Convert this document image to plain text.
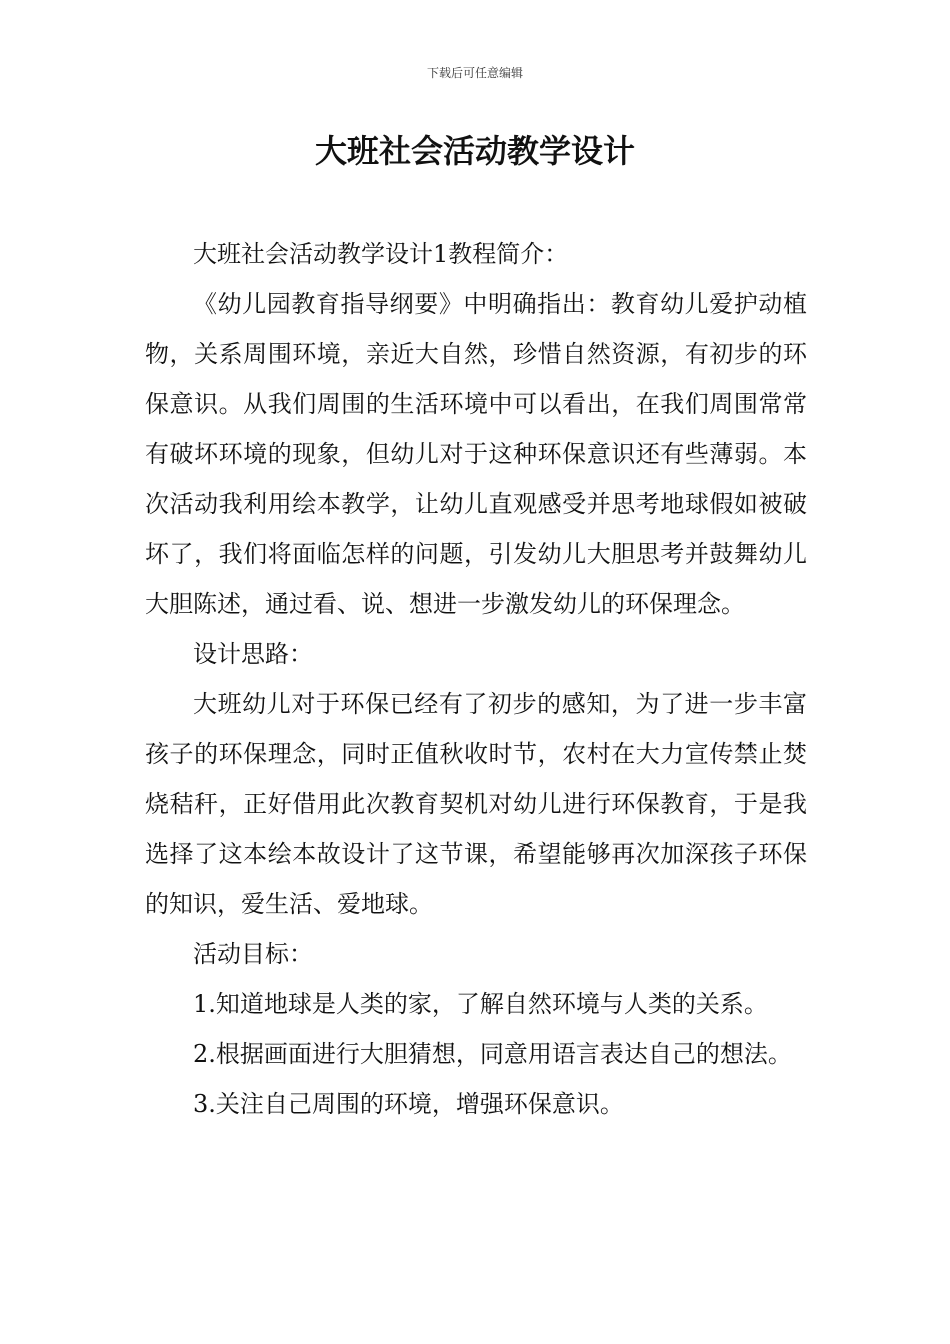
下载后可任意编辑
大班社会活动教学设计

大班社会活动教学设计1教程简介：

《幼儿园教育指导纲要》中明确指出：教育幼儿爱护动植物，关系周围环境，亲近大自然，珍惜自然资源，有初步的环保意识。从我们周围的生活环境中可以看出，在我们周围常常有破坏环境的现象，但幼儿对于这种环保意识还有些薄弱。本次活动我利用绘本教学，让幼儿直观感受并思考地球假如被破坏了，我们将面临怎样的问题，引发幼儿大胆思考并鼓舞幼儿大胆陈述，通过看、说、想进一步激发幼儿的环保理念。

设计思路：

大班幼儿对于环保已经有了初步的感知，为了进一步丰富孩子的环保理念，同时正值秋收时节，农村在大力宣传禁止焚烧秸秆，正好借用此次教育契机对幼儿进行环保教育，于是我选择了这本绘本故设计了这节课，希望能够再次加深孩子环保的知识，爱生活、爱地球。

活动目标：

1.知道地球是人类的家，了解自然环境与人类的关系。

2.根据画面进行大胆猜想，同意用语言表达自己的想法。

3.关注自己周围的环境，增强环保意识。
